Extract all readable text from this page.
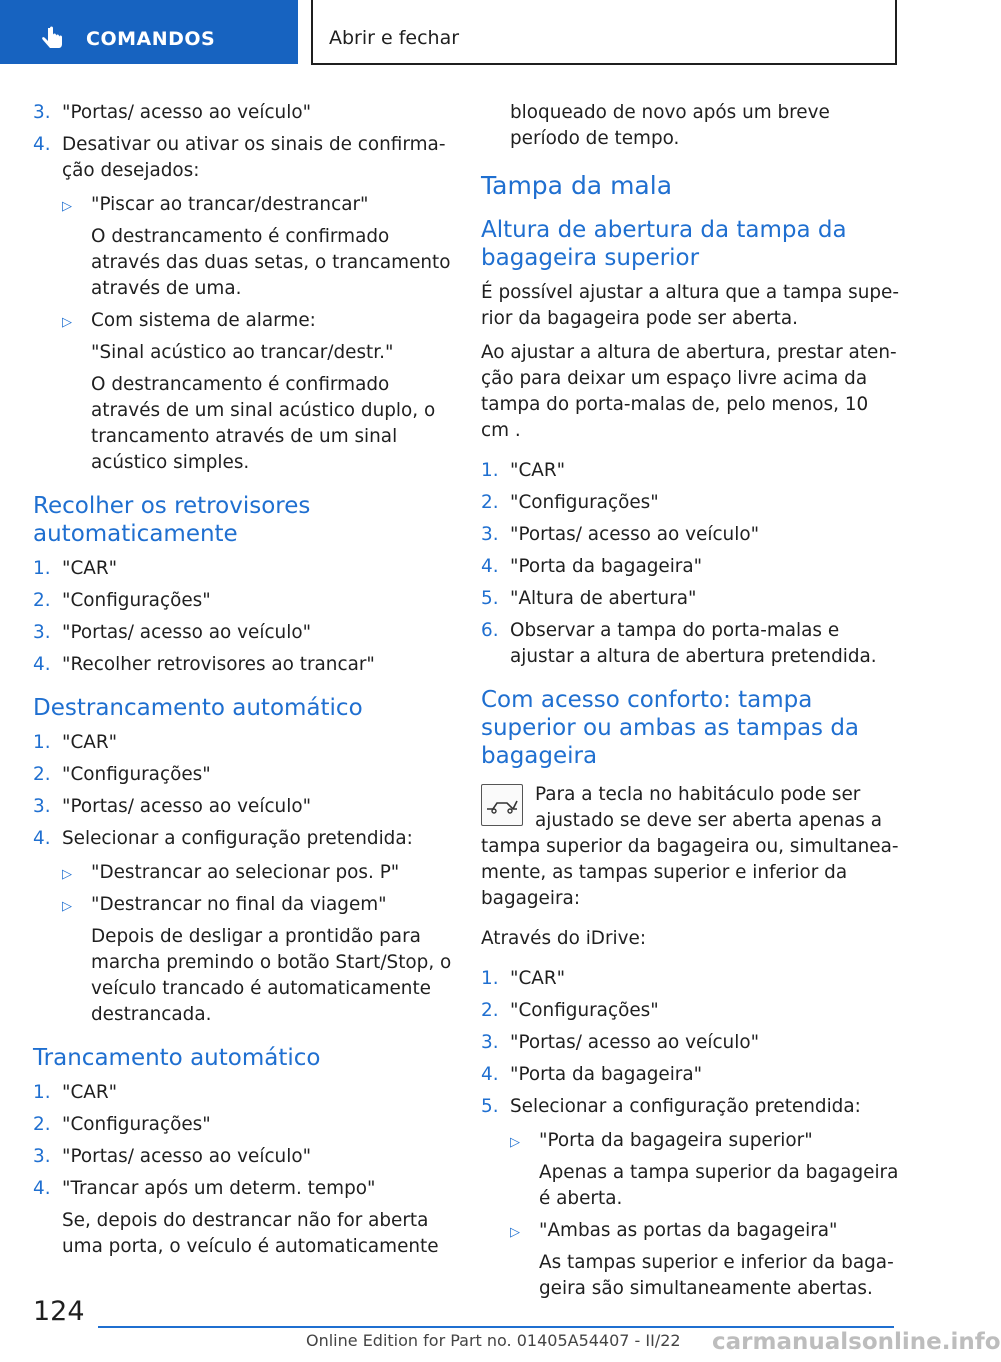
COMANDOS	Abrir e fechar
3. "Portas/ acesso ao veículo"
4. Desativar ou ativar os sinais de confirmação desejados:
▷ "Piscar ao trancar/destrancar"
O destrancamento é confirmado através das duas setas, o trancamento através de uma.
▷ Com sistema de alarme:
"Sinal acústico ao trancar/destr."
O destrancamento é confirmado através de um sinal acústico duplo, o trancamento através de um sinal acústico simples.
Recolher os retrovisores automaticamente
1. "CAR"
2. "Configurações"
3. "Portas/ acesso ao veículo"
4. "Recolher retrovisores ao trancar"
Destrancamento automático
1. "CAR"
2. "Configurações"
3. "Portas/ acesso ao veículo"
4. Selecionar a configuração pretendida:
▷ "Destrancar ao selecionar pos. P"
▷ "Destrancar no final da viagem"
Depois de desligar a prontidão para marcha premindo o botão Start/Stop, o veículo trancado é automaticamente destrancada.
Trancamento automático
1. "CAR"
2. "Configurações"
3. "Portas/ acesso ao veículo"
4. "Trancar após um determ. tempo"
Se, depois do destrancar não for aberta uma porta, o veículo é automaticamente
bloqueado de novo após um breve período de tempo.
Tampa da mala
Altura de abertura da tampa da bagageira superior
É possível ajustar a altura que a tampa superior da bagageira pode ser aberta.
Ao ajustar a altura de abertura, prestar atenção para deixar um espaço livre acima da tampa do porta-malas de, pelo menos, 10 cm .
1. "CAR"
2. "Configurações"
3. "Portas/ acesso ao veículo"
4. "Porta da bagageira"
5. "Altura de abertura"
6. Observar a tampa do porta-malas e ajustar a altura de abertura pretendida.
Com acesso conforto: tampa superior ou ambas as tampas da bagageira
Para a tecla no habitáculo pode ser ajustado se deve ser aberta apenas a tampa superior da bagageira ou, simultaneamente, as tampas superior e inferior da bagageira:
Através do iDrive:
1. "CAR"
2. "Configurações"
3. "Portas/ acesso ao veículo"
4. "Porta da bagageira"
5. Selecionar a configuração pretendida:
▷ "Porta da bagageira superior"
Apenas a tampa superior da bagageira é aberta.
▷ "Ambas as portas da bagageira"
As tampas superior e inferior da bagageira são simultaneamente abertas.
124
Online Edition for Part no. 01405A54407 - II/22 carmanualsonline.info
